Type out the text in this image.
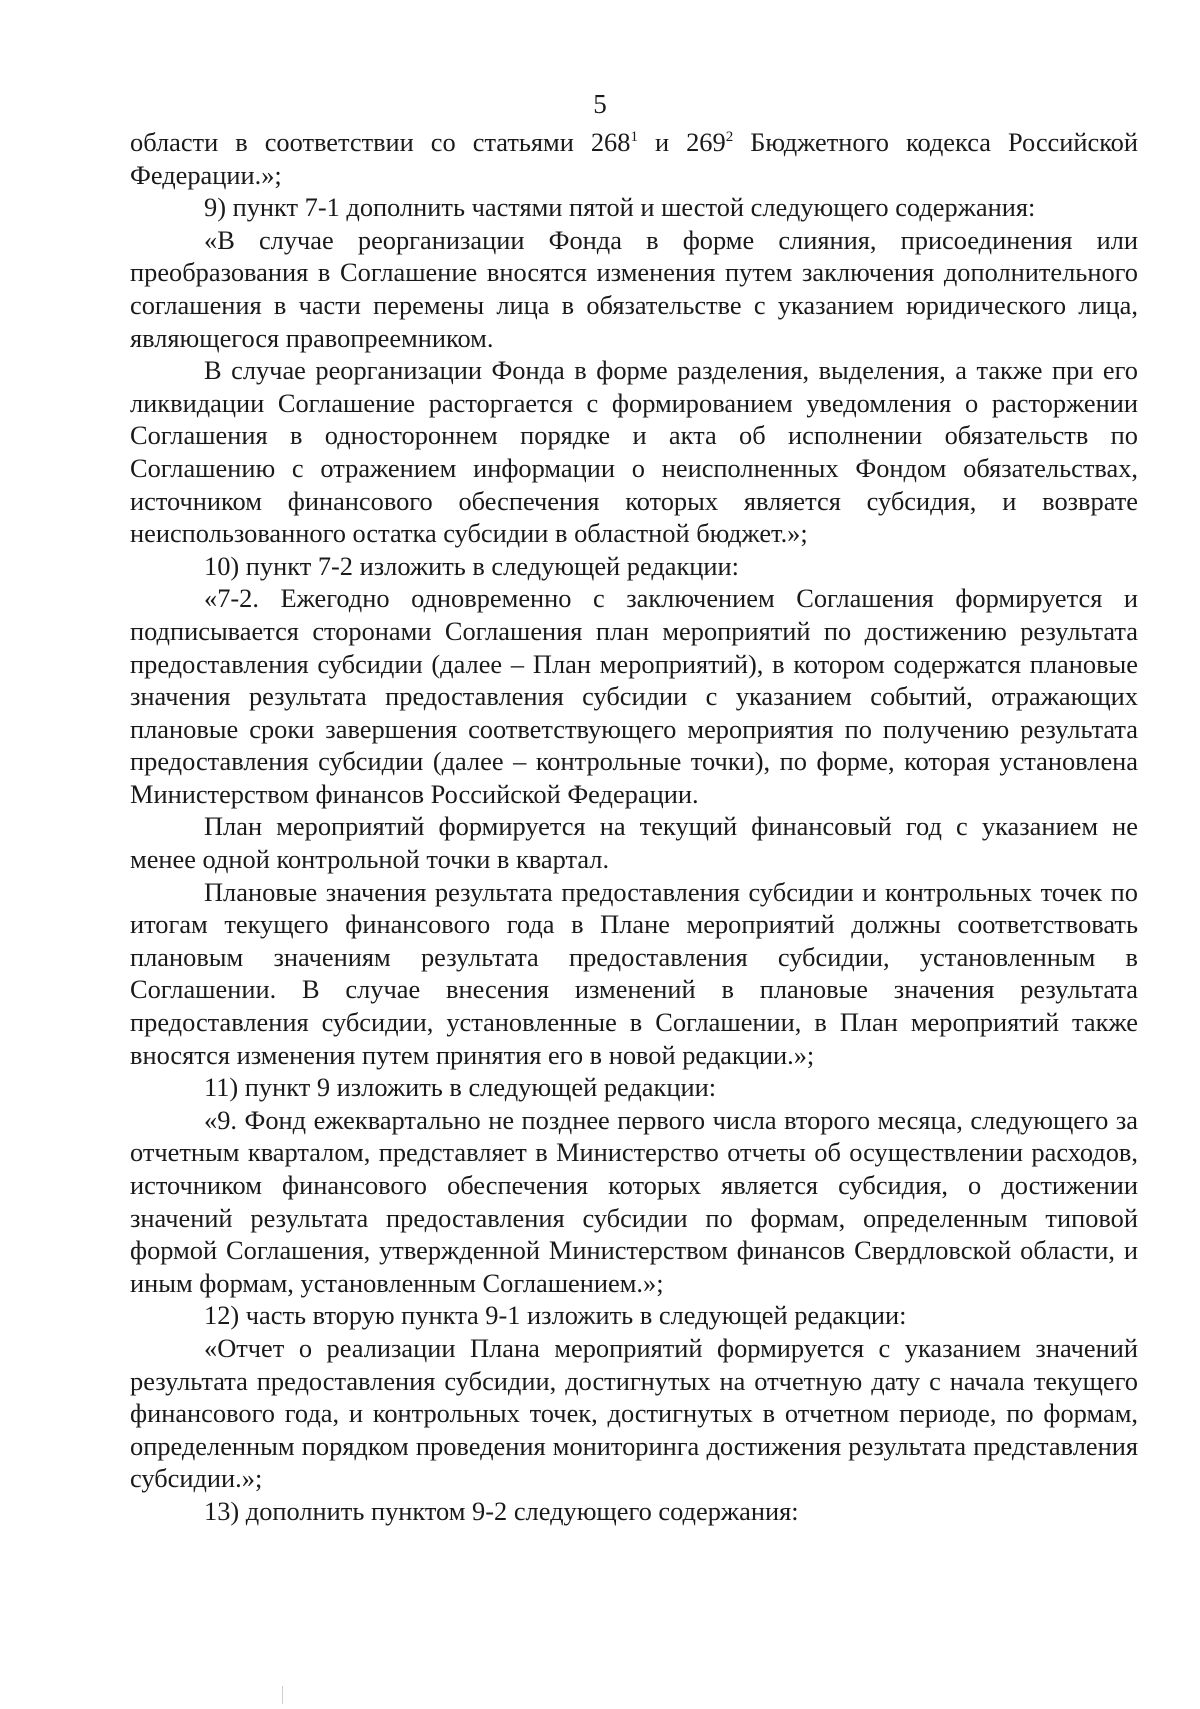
5

области в соответствии со статьями $268^1$ и $269^2$ Бюджетного кодекса Российской Федерации.»;

9) пункт 7-1 дополнить частями пятой и шестой следующего содержания:

«В случае реорганизации Фонда в форме слияния, присоединения или преобразования в Соглашение вносятся изменения путем заключения дополнительного соглашения в части перемены лица в обязательстве с указанием юридического лица, являющегося правопреемником.

В случае реорганизации Фонда в форме разделения, выделения, а также при его ликвидации Соглашение расторгается с формированием уведомления о расторжении Соглашения в одностороннем порядке и акта об исполнении обязательств по Соглашению с отражением информации о неисполненных Фондом обязательствах, источником финансового обеспечения которых является субсидия, и возврате неиспользованного остатка субсидии в областной бюджет.»;

10) пункт 7-2 изложить в следующей редакции:

«7-2. Ежегодно одновременно с заключением Соглашения формируется и подписывается сторонами Соглашения план мероприятий по достижению результата предоставления субсидии (далее – План мероприятий), в котором содержатся плановые значения результата предоставления субсидии с указанием событий, отражающих плановые сроки завершения соответствующего мероприятия по получению результата предоставления субсидии (далее – контрольные точки), по форме, которая установлена Министерством финансов Российской Федерации.

План мероприятий формируется на текущий финансовый год с указанием не менее одной контрольной точки в квартал.

Плановые значения результата предоставления субсидии и контрольных точек по итогам текущего финансового года в Плане мероприятий должны соответствовать плановым значениям результата предоставления субсидии, установленным в Соглашении. В случае внесения изменений в плановые значения результата предоставления субсидии, установленные в Соглашении, в План мероприятий также вносятся изменения путем принятия его в новой редакции.»;

11) пункт 9 изложить в следующей редакции:

«9. Фонд ежеквартально не позднее первого числа второго месяца, следующего за отчетным кварталом, представляет в Министерство отчеты об осуществлении расходов, источником финансового обеспечения которых является субсидия, о достижении значений результата предоставления субсидии по формам, определенным типовой формой Соглашения, утвержденной Министерством финансов Свердловской области, и иным формам, установленным Соглашением.»;

12) часть вторую пункта 9-1 изложить в следующей редакции:

«Отчет о реализации Плана мероприятий формируется с указанием значений результата предоставления субсидии, достигнутых на отчетную дату с начала текущего финансового года, и контрольных точек, достигнутых в отчетном периоде, по формам, определенным порядком проведения мониторинга достижения результата представления субсидии.»;

13) дополнить пунктом 9-2 следующего содержания:
